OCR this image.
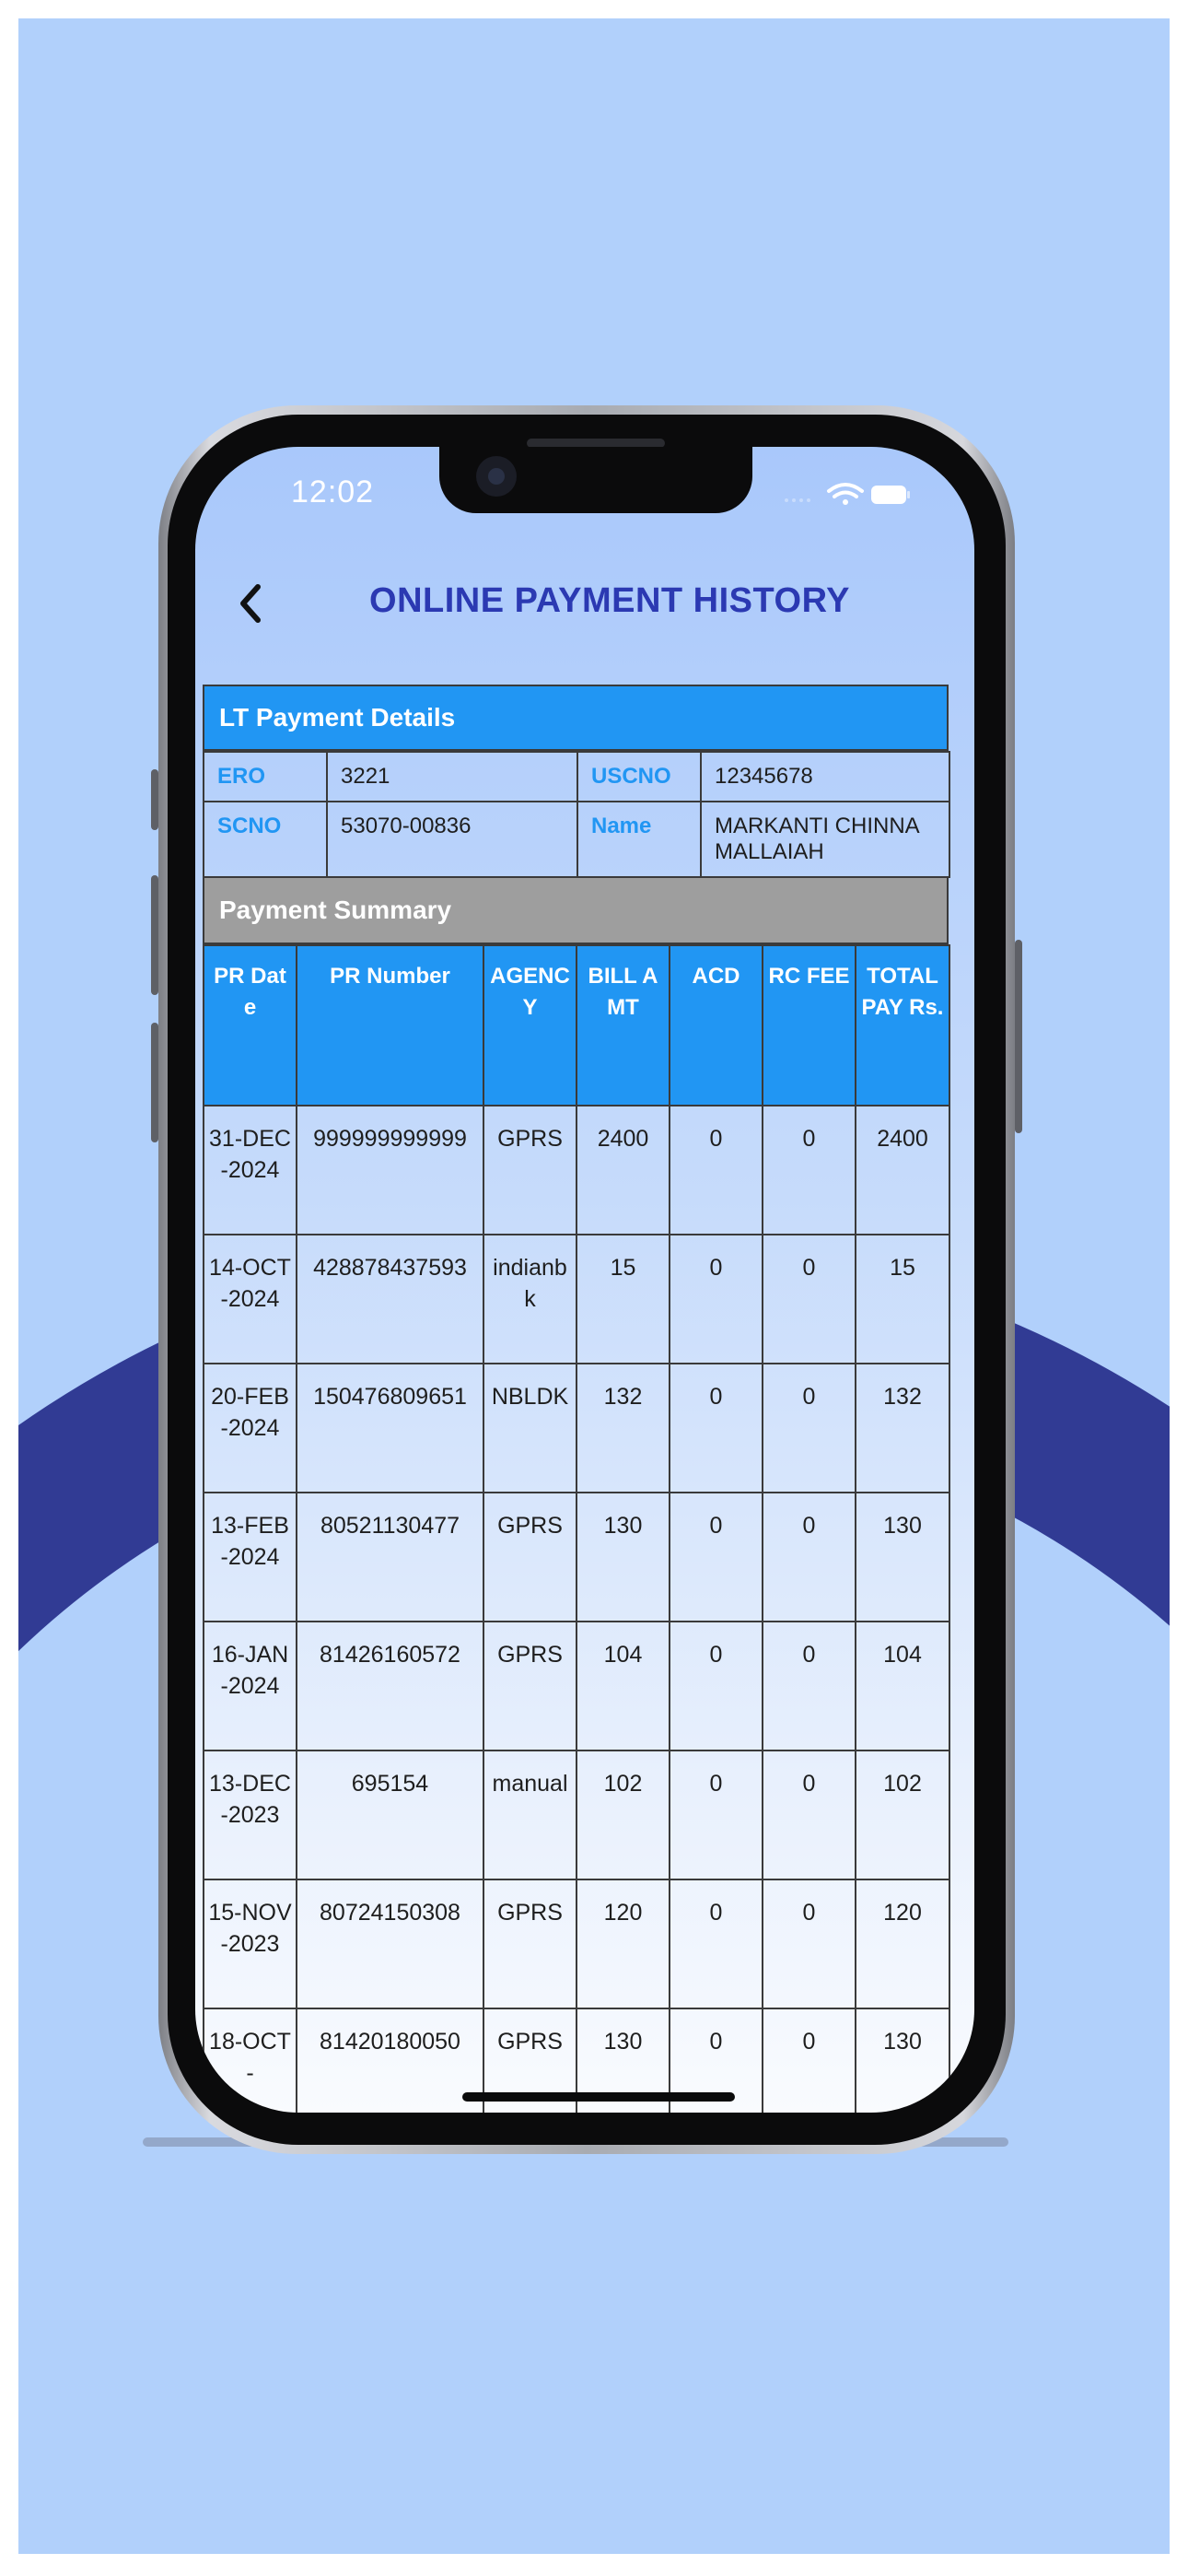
12:02
ONLINE PAYMENT HISTORY
LT Payment Details
ERO	3221	USCNO	12345678
SCNO	53070-00836	Name	MARKANTI CHINNA MALLAIAH
Payment Summary
PR Date	PR Number	AGENCY	BILL AMT	ACD	RC FEE	TOTAL PAY Rs.
31-DEC-2024	999999999999	GPRS	2400	0	0	2400
14-OCT-2024	428878437593	indianbk	15	0	0	15
20-FEB-2024	150476809651	NBLDK	132	0	0	132
13-FEB-2024	80521130477	GPRS	130	0	0	130
16-JAN-2024	81426160572	GPRS	104	0	0	104
13-DEC-2023	695154	manual	102	0	0	102
15-NOV-2023	80724150308	GPRS	120	0	0	120
18-OCT-	81420180050	GPRS	130	0	0	130
